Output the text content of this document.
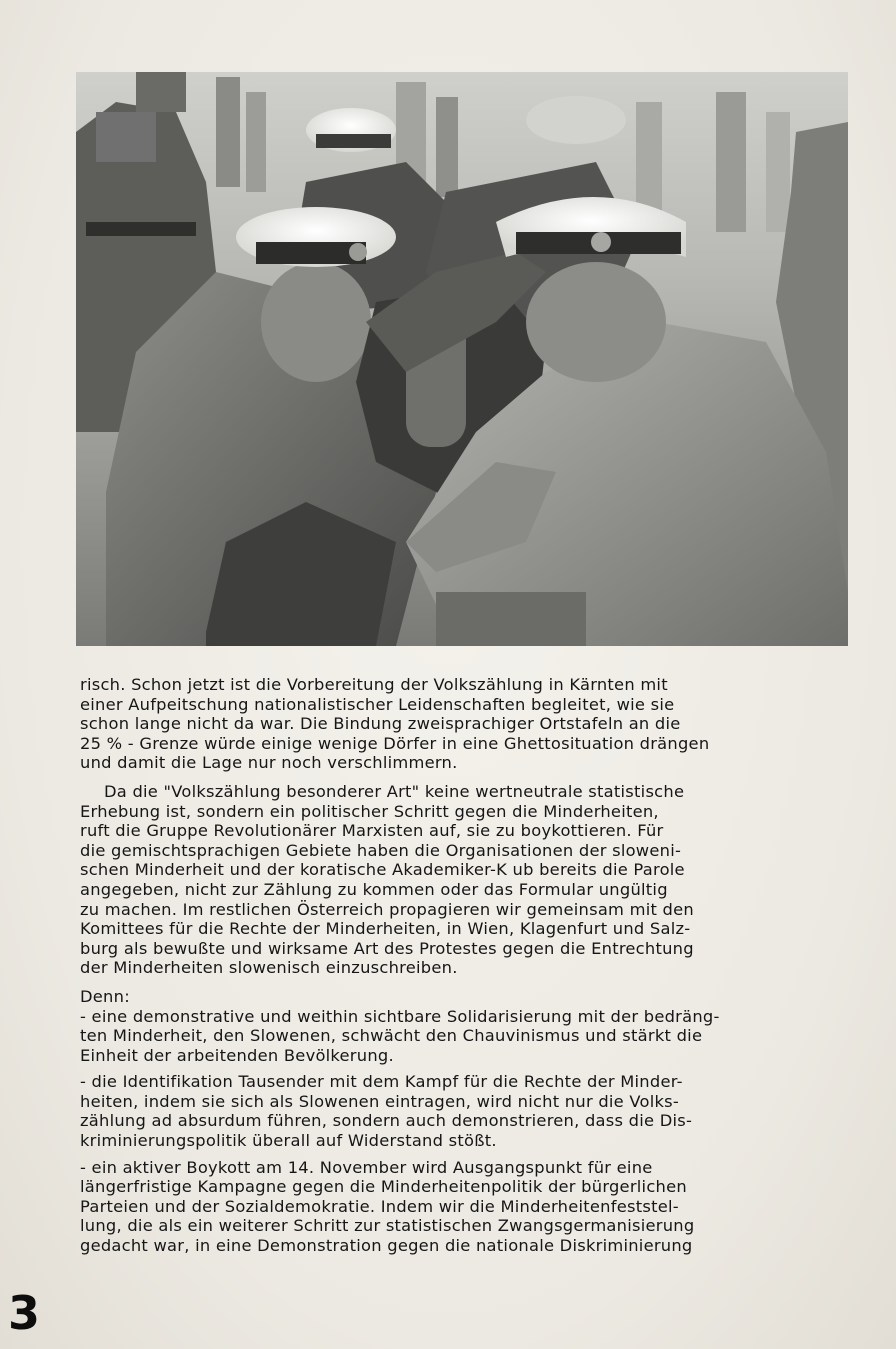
risch. Schon jetzt ist die Vorbereitung der Volkszählung in Kärnten mit
einer Aufpeitschung nationalistischer Leidenschaften begleitet, wie sie
schon lange nicht da war. Die Bindung zweisprachiger Ortstafeln an die
25 % - Grenze würde einige wenige Dörfer in eine Ghettosituation drängen
und damit die Lage nur noch verschlimmern.

Da die "Volkszählung besonderer Art" keine wertneutrale statistische
Erhebung ist, sondern ein politischer Schritt gegen die Minderheiten,
ruft die Gruppe Revolutionärer Marxisten auf, sie zu boykottieren. Für
die gemischtsprachigen Gebiete haben die Organisationen der sloweni-
schen Minderheit und der koratische Akademiker-K ub bereits die Parole
angegeben, nicht zur Zählung zu kommen oder das Formular ungültig
zu machen. Im restlichen Österreich propagieren wir gemeinsam mit den
Komittees für die Rechte der Minderheiten, in Wien, Klagenfurt und Salz-
burg als bewußte und wirksame Art des Protestes gegen die Entrechtung
der Minderheiten slowenisch einzuschreiben.

Denn:
- eine demonstrative und weithin sichtbare Solidarisierung mit der bedräng-
ten Minderheit, den Slowenen, schwächt den Chauvinismus und stärkt die
Einheit der arbeitenden Bevölkerung.

- die Identifikation Tausender mit dem Kampf für die Rechte der Minder-
heiten, indem sie sich als Slowenen eintragen, wird nicht nur die Volks-
zählung ad absurdum führen, sondern auch demonstrieren, dass die Dis-
kriminierungspolitik überall auf Widerstand stößt.

- ein aktiver Boykott am 14. November wird Ausgangspunkt für eine
längerfristige Kampagne gegen die Minderheitenpolitik der bürgerlichen
Parteien und der Sozialdemokratie. Indem wir die Minderheitenfeststel-
lung, die als ein weiterer Schritt zur statistischen Zwangsgermanisierung
gedacht war, in eine Demonstration gegen die nationale Diskriminierung

3
